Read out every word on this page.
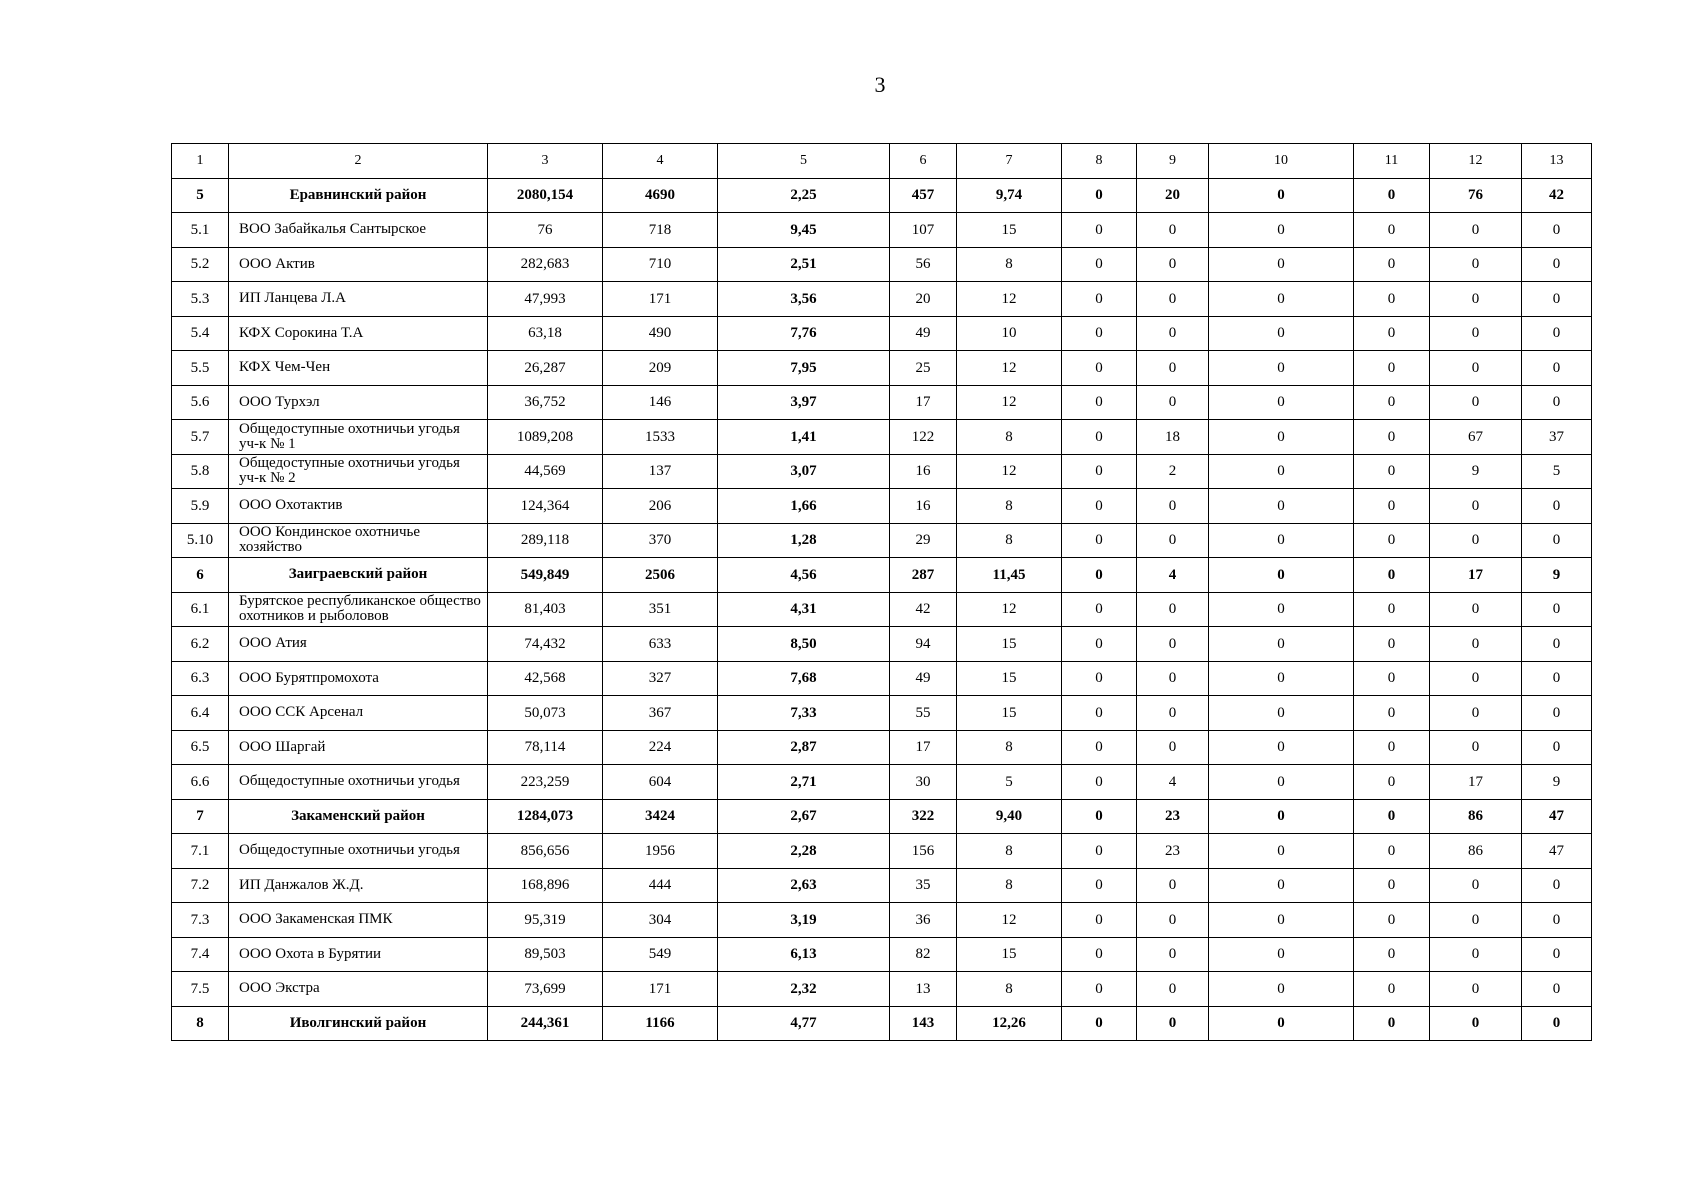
3
1	2	3	4	5	6	7	8	9	10	11	12	13
5	Еравнинский район	2080,154	4690	2,25	457	9,74	0	20	0	0	76	42
5.1	ВОО Забайкалья Сантырское	76	718	9,45	107	15	0	0	0	0	0	0
5.2	ООО Актив	282,683	710	2,51	56	8	0	0	0	0	0	0
5.3	ИП Ланцева Л.А	47,993	171	3,56	20	12	0	0	0	0	0	0
5.4	КФХ Сорокина Т.А	63,18	490	7,76	49	10	0	0	0	0	0	0
5.5	КФХ Чем-Чен	26,287	209	7,95	25	12	0	0	0	0	0	0
5.6	ООО Турхэл	36,752	146	3,97	17	12	0	0	0	0	0	0
5.7	Общедоступные охотничьи угодья уч-к № 1	1089,208	1533	1,41	122	8	0	18	0	0	67	37
5.8	Общедоступные охотничьи угодья уч-к № 2	44,569	137	3,07	16	12	0	2	0	0	9	5
5.9	ООО Охотактив	124,364	206	1,66	16	8	0	0	0	0	0	0
5.10	ООО Кондинское охотничье хозяйство	289,118	370	1,28	29	8	0	0	0	0	0	0
6	Заиграевский район	549,849	2506	4,56	287	11,45	0	4	0	0	17	9
6.1	Бурятское республиканское общество охотников и рыболовов	81,403	351	4,31	42	12	0	0	0	0	0	0
6.2	ООО Атия	74,432	633	8,50	94	15	0	0	0	0	0	0
6.3	ООО Бурятпромохота	42,568	327	7,68	49	15	0	0	0	0	0	0
6.4	ООО ССК Арсенал	50,073	367	7,33	55	15	0	0	0	0	0	0
6.5	ООО Шаргай	78,114	224	2,87	17	8	0	0	0	0	0	0
6.6	Общедоступные охотничьи угодья	223,259	604	2,71	30	5	0	4	0	0	17	9
7	Закаменский район	1284,073	3424	2,67	322	9,40	0	23	0	0	86	47
7.1	Общедоступные охотничьи угодья	856,656	1956	2,28	156	8	0	23	0	0	86	47
7.2	ИП Данжалов Ж.Д.	168,896	444	2,63	35	8	0	0	0	0	0	0
7.3	ООО Закаменская ПМК	95,319	304	3,19	36	12	0	0	0	0	0	0
7.4	ООО Охота в Бурятии	89,503	549	6,13	82	15	0	0	0	0	0	0
7.5	ООО Экстра	73,699	171	2,32	13	8	0	0	0	0	0	0
8	Иволгинский район	244,361	1166	4,77	143	12,26	0	0	0	0	0	0
